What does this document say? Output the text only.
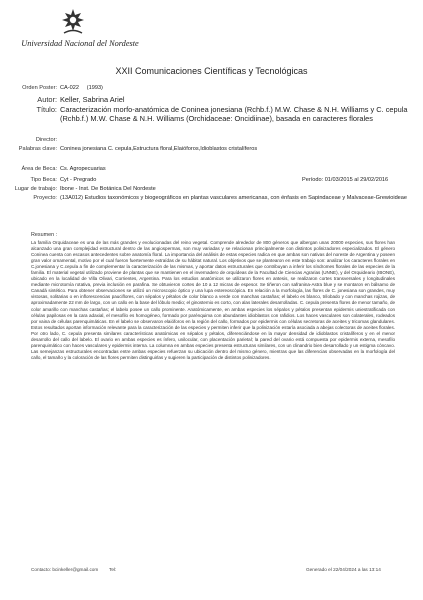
Universidad Nacional del Nordeste
XXII Comunicaciones Científicas y Tecnológicas
Orden Poster: CA-022 (1993)
Autor: Keller, Sabrina Ariel
Título: Caracterización morfo-anatómica de Coninea jonesiana (Rchb.f.) M.W. Chase & N.H. Williams y C. cepula (Rchb.f.) M.W. Chase & N.H. Williams (Orchidaceae: Oncidiinae), basada en caracteres florales
Director:
Palabras clave: Coninea jonesiana C. cepula,Estructura floral,Elaióforos,Idioblastos cristalíferos
Área de Beca: Cs. Agropecuarias
Tipo Beca: Cyt - Pregrado	Período: 01/03/2015 al 29/02/2016
Lugar de trabajo: Ibone - Inst. De Botánica Del Nordeste
Proyecto: (13A012) Estudios taxonómicos y biogeográficos en plantas vasculares americanas, con énfasis en Sapindaceae y Malvaceae-Grewioideae
Resumen :

La familia Orquidaceae es una de las más grandes y evolucionadas del reino vegetal. Comprende alrededor de 800 géneros que albergan unas 20000 especies, sus flores han alcanzado una gran complejidad estructural dentro de las angiospermas, son muy variadas y se relacionan principalmente con distintos polinizadores especializados. El género Coninea cuenta con escasos antecedentes sobre anatomía floral. La importancia del análisis de estas especies radica en que ambas son nativas del noreste de Argentina y poseen gran valor ornamental, motivo por el cual fueron fuertemente extraídas de su hábitat natural. Los objetivos que se plantearon en este trabajo son: analizar los caracteres florales en C.jonesiana y C.cepula a fin de complementar la caracterización de las mismas, y aportar datos estructurales que contribuyan a inferir los síndromes florales de las especies de la familia. El material vegetal utilizado proviene de plantas que se mantienen en el invernadero de orquídeas de la Facultad de Ciencias Agrarias (UNNE), y del Orquideario (IBONE), ubicado en la localidad de Villa Olivari, Corrientes, Argentina. Para los estudios anatómicos se utilizaron flores en antesis, se realizaron cortes transversales y longitudinales mediante microtomía rotativa, previa inclusión en parafina. Se obtuvieron cortes de 10 a 12 micras de espesor. Se tiñeron con safranina-Astra blue y se montaron en bálsamo de Canadá sintético. Para obtener observaciones se utilizó un microscopio óptico y una lupa estereoscópica. En relación a la morfología, las flores de C. jonesiana son grandes, muy vistosas, solitarias o en inflorescencias pauciflores, con sépalos y pétalos de color blanco a verde con manchas castañas; el labelo es blanco, trilobado y con manchas rojizas, de aproximadamente 22 mm de largo, con un callo en la base del lóbulo medio; el ginostemio es corto, con alas laterales desarrolladas. C. cepula presenta flores de menor tamaño, de color amarillo con manchas castañas; el labelo posee un callo prominente. Anatómicamente, en ambas especies los sépalos y pétalos presentan epidermis uniestratificada con células papilosas en la cara adaxial, el mesofilo es homogéneo, formado por parénquima con abundantes idioblastos con rafidios. Los haces vasculares son colaterales, rodeados por vaina de células parenquimáticas. En el labelo se observaron elaióforos en la región del callo, formados por epidermis con células secretoras de aceites y tricomas glandulares. Estos resultados aportan información relevante para la caracterización de las especies y permiten inferir que la polinización estaría asociada a abejas colectoras de aceites florales. Por otro lado, C. cepula presenta similares características anatómicas en sépalos y pétalos, diferenciándose en la mayor densidad de idioblastos cristalíferos y en el menor desarrollo del callo del labelo. El ovario en ambas especies es ínfero, unilocular, con placentación parietal; la pared del ovario está compuesta por epidermis externa, mesofilo parenquimático con haces vasculares y epidermis interna. La columna en ambas especies presenta estructuras similares, con un clinandrio bien desarrollado y un estigma cóncavo. Las semejanzas estructurales encontradas entre ambas especies refuerzan su ubicación dentro del mismo género, mientras que las diferencias observadas en la morfología del callo, el tamaño y la coloración de las flores permiten distinguirlas y sugieren la participación de distintos polinizadores.

Contacto: bcinkeller@gmail.com Tel:	Generado el 22/04/2024 a las 13:14
